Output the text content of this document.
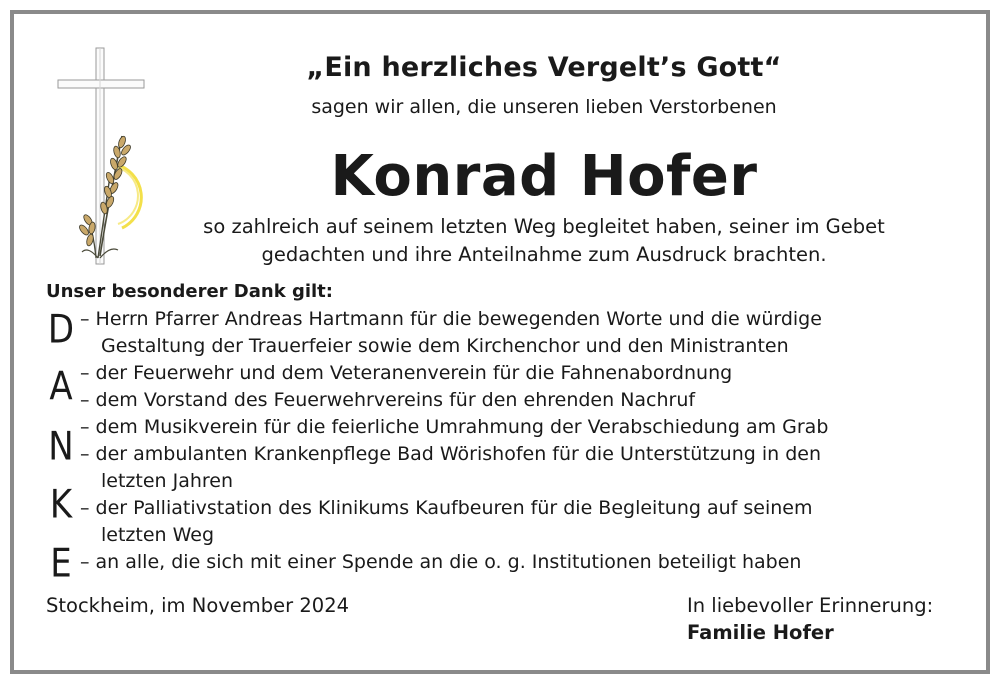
„Ein herzliches Vergelt’s Gott“
sagen wir allen, die unseren lieben Verstorbenen
Konrad Hofer
so zahlreich auf seinem letzten Weg begleitet haben, seiner im Gebet
gedachten und ihre Anteilnahme zum Ausdruck brachten.
Unser besonderer Dank gilt:
D
A
N
K
E
– Herrn Pfarrer Andreas Hartmann für die bewegenden Worte und die würdige
Gestaltung der Trauerfeier sowie dem Kirchenchor und den Ministranten
– der Feuerwehr und dem Veteranenverein für die Fahnenabordnung
– dem Vorstand des Feuerwehrvereins für den ehrenden Nachruf
– dem Musikverein für die feierliche Umrahmung der Verabschiedung am Grab
– der ambulanten Krankenpflege Bad Wörishofen für die Unterstützung in den
letzten Jahren
– der Palliativstation des Klinikums Kaufbeuren für die Begleitung auf seinem
letzten Weg
– an alle, die sich mit einer Spende an die o. g. Institutionen beteiligt haben
Stockheim, im November 2024	In liebevoller Erinnerung:
Familie Hofer
